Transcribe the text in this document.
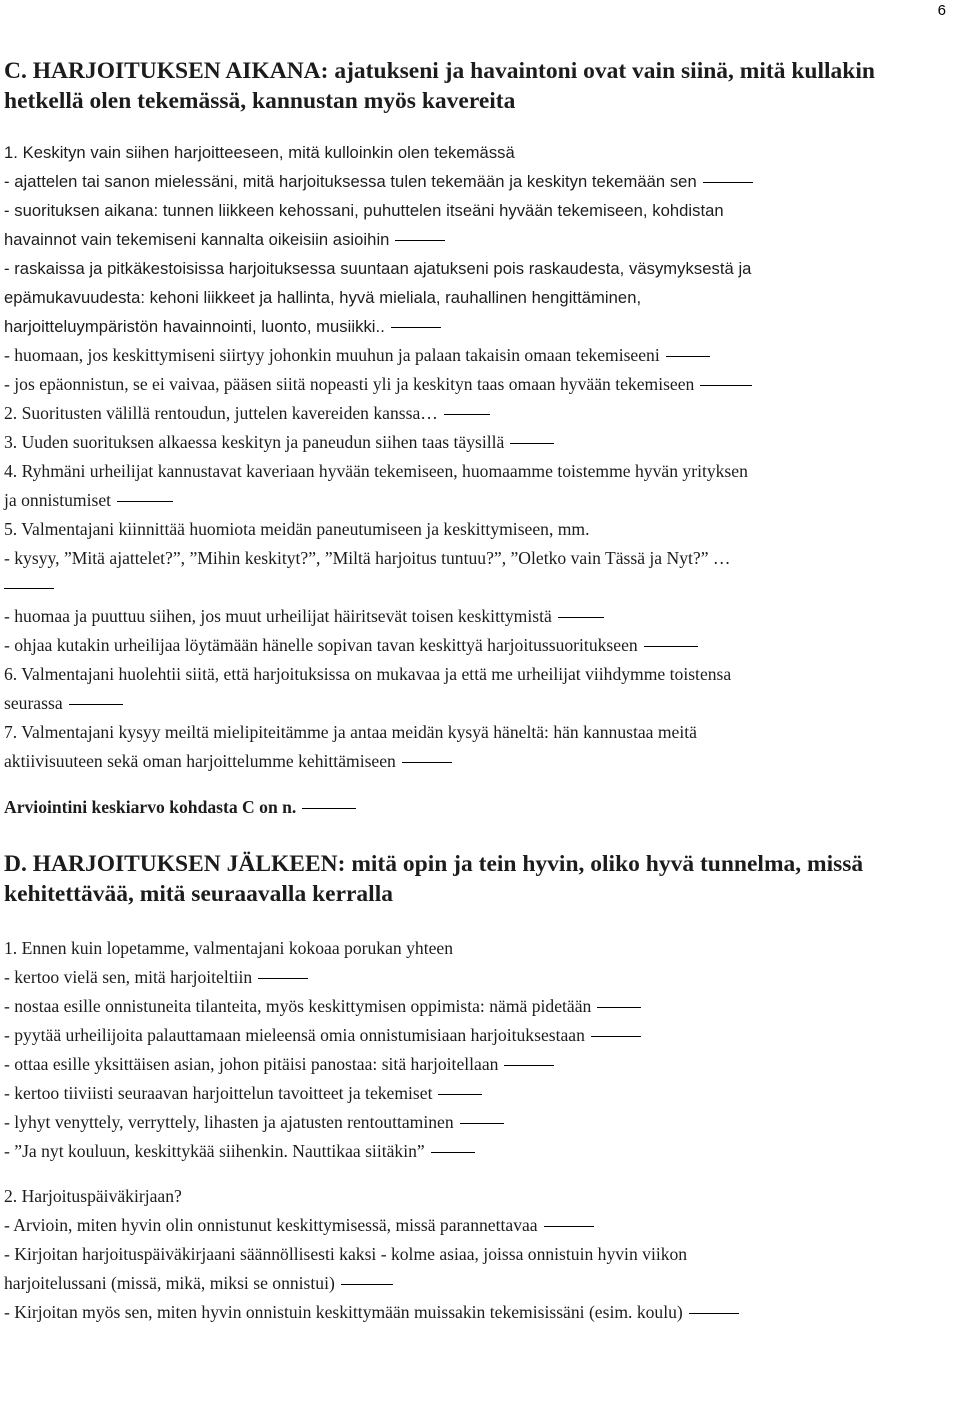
6
C. HARJOITUKSEN AIKANA: ajatukseni ja havaintoni ovat vain siinä, mitä kullakin hetkellä olen tekemässä, kannustan myös kavereita
1. Keskityn vain siihen harjoitteeseen, mitä kulloinkin olen tekemässä
- ajattelen tai sanon mielessäni, mitä harjoituksessa tulen tekemään ja keskityn tekemään sen
- suorituksen aikana: tunnen liikkeen kehossani, puhuttelen itseäni hyvään tekemiseen, kohdistan
havainnot vain tekemiseni kannalta oikeisiin asioihin
- raskaissa ja pitkäkestoisissa harjoituksessa suuntaan ajatukseni pois raskaudesta, väsymyksestä ja
epämukavuudesta: kehoni liikkeet ja hallinta, hyvä mieliala, rauhallinen hengittäminen,
harjoitteluympäristön havainnointi, luonto, musiikki..
- huomaan, jos keskittymiseni siirtyy johonkin muuhun ja palaan takaisin omaan tekemiseeni
- jos epäonnistun, se ei vaivaa, pääsen siitä nopeasti yli ja keskityn taas omaan hyvään tekemiseen
2. Suoritusten välillä rentoudun, juttelen kavereiden kanssa…
3. Uuden suorituksen alkaessa keskityn ja paneudun siihen taas täysillä
4. Ryhmäni urheilijat kannustavat kaveriaan hyvään tekemiseen, huomaamme toistemme hyvän yrityksen
ja onnistumiset
5. Valmentajani kiinnittää huomiota meidän paneutumiseen ja keskittymiseen, mm.
- kysyy, ”Mitä ajattelet?”, ”Mihin keskityt?”, ”Miltä harjoitus tuntuu?”, ”Oletko vain Tässä ja Nyt?” …
- huomaa ja puuttuu siihen, jos muut urheilijat häiritsevät toisen keskittymistä
- ohjaa kutakin urheilijaa löytämään hänelle sopivan tavan keskittyä harjoitussuoritukseen
6. Valmentajani huolehtii siitä, että harjoituksissa on mukavaa ja että me urheilijat viihdymme toistensa
seurassa
7. Valmentajani kysyy meiltä mielipiteitämme ja antaa meidän kysyä häneltä: hän kannustaa meitä
aktiivisuuteen sekä oman harjoittelumme kehittämiseen
Arviointini keskiarvo kohdasta C on n.
D. HARJOITUKSEN JÄLKEEN: mitä opin ja tein hyvin, oliko hyvä tunnelma, missä kehitettävää, mitä seuraavalla kerralla
1. Ennen kuin lopetamme, valmentajani kokoaa porukan yhteen
- kertoo vielä sen, mitä harjoiteltiin
- nostaa esille onnistuneita tilanteita, myös keskittymisen oppimista: nämä pidetään
- pyytää urheilijoita palauttamaan mieleensä omia onnistumisiaan harjoituksestaan
- ottaa esille yksittäisen asian, johon pitäisi panostaa: sitä harjoitellaan
- kertoo tiiviisti seuraavan harjoittelun tavoitteet ja tekemiset
- lyhyt venyttely, verryttely, lihasten ja ajatusten rentouttaminen
- ”Ja nyt kouluun, keskittykää siihenkin. Nauttikaa siitäkin”
2. Harjoituspäiväkirjaan?
- Arvioin, miten hyvin olin onnistunut keskittymisessä, missä parannettavaa
- Kirjoitan harjoituspäiväkirjaani säännöllisesti kaksi - kolme asiaa, joissa onnistuin hyvin viikon
harjoitelussani (missä, mikä, miksi se onnistui)
- Kirjoitan myös sen, miten hyvin onnistuin keskittymään muissakin tekemisissäni (esim. koulu)
